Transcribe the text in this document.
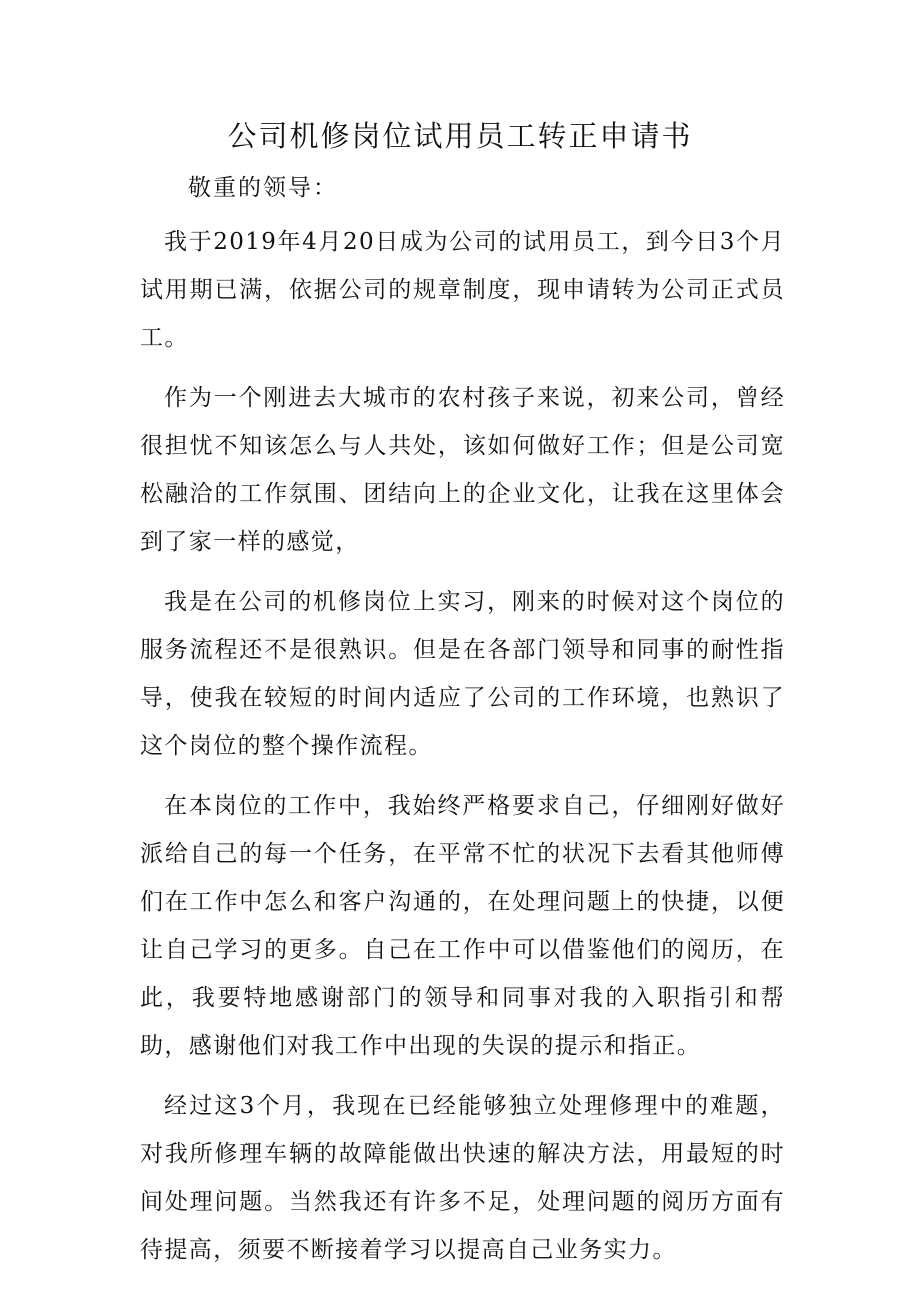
公司机修岗位试用员工转正申请书

敬重的领导：

我于2019年4月20日成为公司的试用员工，到今日3个月试用期已满，依据公司的规章制度，现申请转为公司正式员工。

作为一个刚进去大城市的农村孩子来说，初来公司，曾经很担忧不知该怎么与人共处，该如何做好工作；但是公司宽松融洽的工作氛围、团结向上的企业文化，让我在这里体会到了家一样的感觉，

我是在公司的机修岗位上实习，刚来的时候对这个岗位的服务流程还不是很熟识。但是在各部门领导和同事的耐性指导，使我在较短的时间内适应了公司的工作环境，也熟识了这个岗位的整个操作流程。

在本岗位的工作中，我始终严格要求自己，仔细刚好做好派给自己的每一个任务，在平常不忙的状况下去看其他师傅们在工作中怎么和客户沟通的，在处理问题上的快捷，以便让自己学习的更多。自己在工作中可以借鉴他们的阅历，在此，我要特地感谢部门的领导和同事对我的入职指引和帮助，感谢他们对我工作中出现的失误的提示和指正。

经过这3个月，我现在已经能够独立处理修理中的难题，对我所修理车辆的故障能做出快速的解决方法，用最短的时间处理问题。当然我还有许多不足，处理问题的阅历方面有待提高，须要不断接着学习以提高自己业务实力。
